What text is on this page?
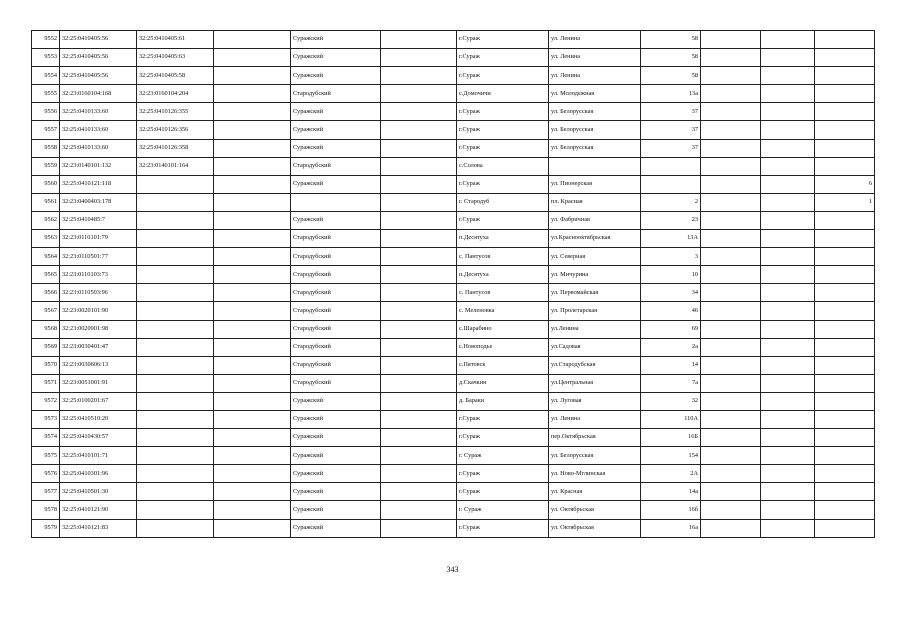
9552	32:25:0410405:56	32:25:0410405:61		Суражский		г.Сураж	ул. Ленина	58			
9553	32:25:0410405:56	32:25:0410405:63		Суражский		г.Сураж	ул. Ленина	58			
9554	32:25:0410405:56	32:25:0410405:58		Суражский		г.Сураж	ул. Ленина	58			
9555	32:23:0160104:168	32:23:0160104:204		Стародубский		с.Домочичи	ул. Молодежная	13а			
9556	32:25:0410133:60	32:25:0410126:355		Суражский		г.Сураж	ул. Белорусская	37			
9557	32:25:0410133:60	32:25:0410126:356		Суражский		г.Сураж	ул. Белорусская	37			
9558	32:25:0410133:60	32:25:0410126:358		Суражский		г.Сураж	ул. Белорусская	37			
9559	32:23:0140101:132	32:23:0140101:164		Стародубский		с.Солова					
9560	32:25:0410121:118			Суражский		г.Сураж	ул. Пионерская				6
9561	32:23:0400403:178					г. Стародуб	пл. Красная	2			1
9562	32:25:0410485:7			Суражский		г.Сураж	ул. Фабричная	23			
9563	32:23:0110101:79			Стародубский		п.Десятуха	ул.Краснооктябрьская	13А			
9564	32:23:0110501:77			Стародубский		с. Пантусов	ул. Северная	3			
9565	32:23:0110103:73			Стародубский		п.Десятуха	ул. Мичурина	10			
9566	32:23:0110503:96			Стародубский		с. Пантусов	ул. Первомайская	34			
9567	32:23:0020101:90			Стародубский		с. Меленовка	ул. Пролетарская	46			
9568	32:23:0020901:98			Стародубский		с.Шарабино	ул.Ленина	69			
9569	32:23:0030401:47			Стародубский		с.Новоподье	ул.Садовая	2а			
9570	32:23:0030606:13			Стародубский		с.Пятовск	ул.Стародубская	14			
9571	32:23:0051001:91			Стародубский		д.Скачкин	ул.Центральная	7а			
9572	32:25:0100201:67			Суражский		д. Бараки	ул. Луговая	32			
9573	32:25:0410510:20			Суражский		г.Сураж	ул. Ленина	110А			
9574	32:25:0410430:57			Суражский		г.Сураж	пер.Октябрьская	16Б			
9575	32:25:0410101:71			Суражский		г. Сураж	ул. Белорусская	154			
9576	32:25:0410301:96			Суражский		г.Сураж	ул. Ново-Мглинская	2А			
9577	32:25:0410501:30			Суражский		г.Сураж	ул. Красная	14а			
9578	32:25:0410121:90			Суражский		г. Сураж	ул. Октябрьская	16б			
9579	32:25:0410121:83			Суражский		г.Сураж	ул. Октябрьская	16а			
343
